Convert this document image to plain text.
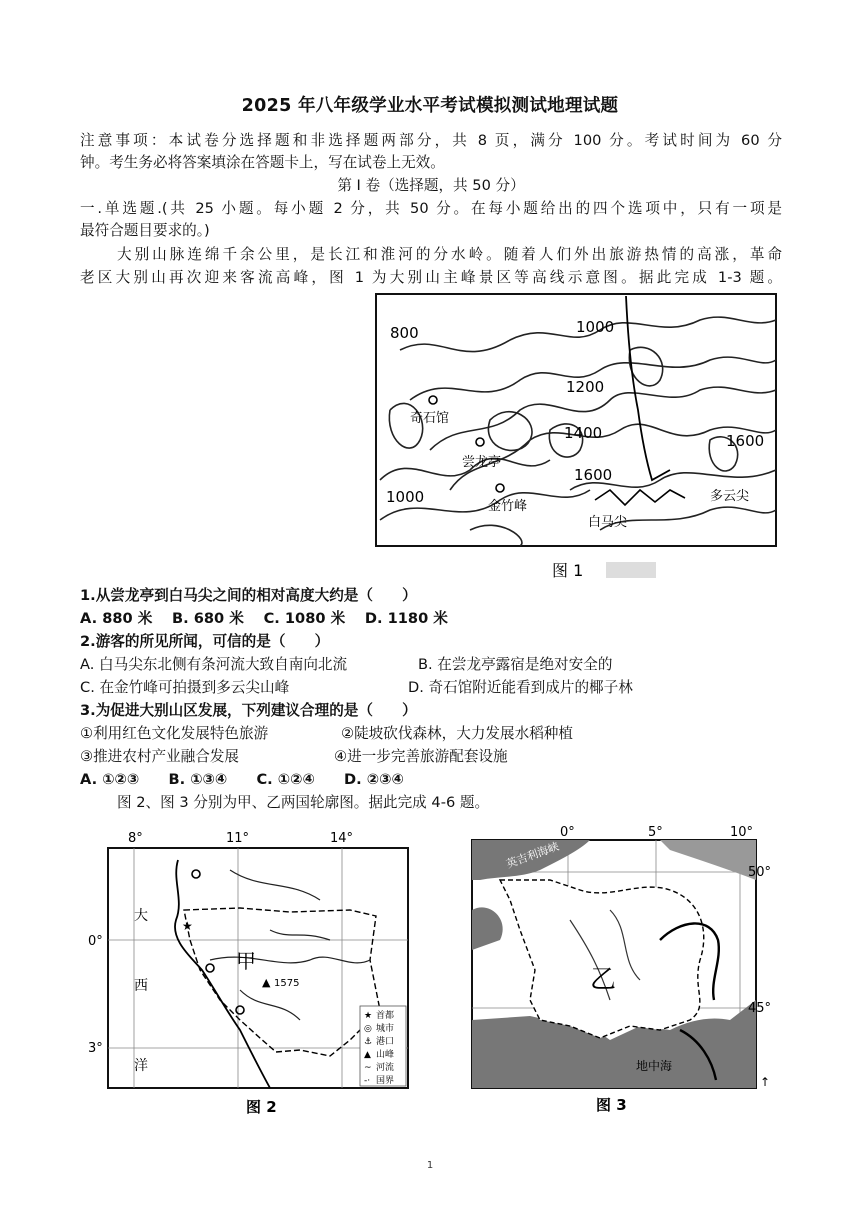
2025 年八年级学业水平考试模拟测试地理试题
注意事项：本试卷分选择题和非选择题两部分，共 8 页，满分 100 分。考试时间为 60 分
钟。考生务必将答案填涂在答题卡上，写在试卷上无效。
第 Ⅰ 卷（选择题，共 50 分）
一.单选题.(共 25 小题。每小题 2 分，共 50 分。在每小题给出的四个选项中，只有一项是
最符合题目要求的。)
大别山脉连绵千余公里，是长江和淮河的分水岭。随着人们外出旅游热情的高涨，革命
老区大别山再次迎来客流高峰，图 1 为大别山主峰景区等高线示意图。据此完成 1-3 题。
800	1000
1200
1400	1600
1600
1000
奇石馆
尝龙亭
金竹峰
白马尖
多云尖
图 1
1.从尝龙亭到白马尖之间的相对高度大约是（　　）
A. 880 米　 B. 680 米　 C. 1080 米　 D. 1180 米
2.游客的所见所闻，可信的是（　　）
A. 白马尖东北侧有条河流大致自南向北流	B. 在尝龙亭露宿是绝对安全的
C. 在金竹峰可拍摄到多云尖山峰	D. 奇石馆附近能看到成片的椰子林
3.为促进大别山区发展，下列建议合理的是（　　）
①利用红色文化发展特色旅游	②陡坡砍伐森林，大力发展水稻种植
③推进农村产业融合发展	④进一步完善旅游配套设施
A. ①②③　　B. ①③④　　C. ①②④　　D. ②③④
图 2、图 3 分别为甲、乙两国轮廓图。据此完成 4-6 题。
★
▲
8°	11°	14°
0°
3°
大
西
洋
甲
1575
★ 首都
◎ 城市
⚓ 港口
▲ 山峰
~ 河流
-· 国界
图 2
0°	5°	10°
50°
45°
乙
英吉利海峡
地中海
↑
图 3
1
